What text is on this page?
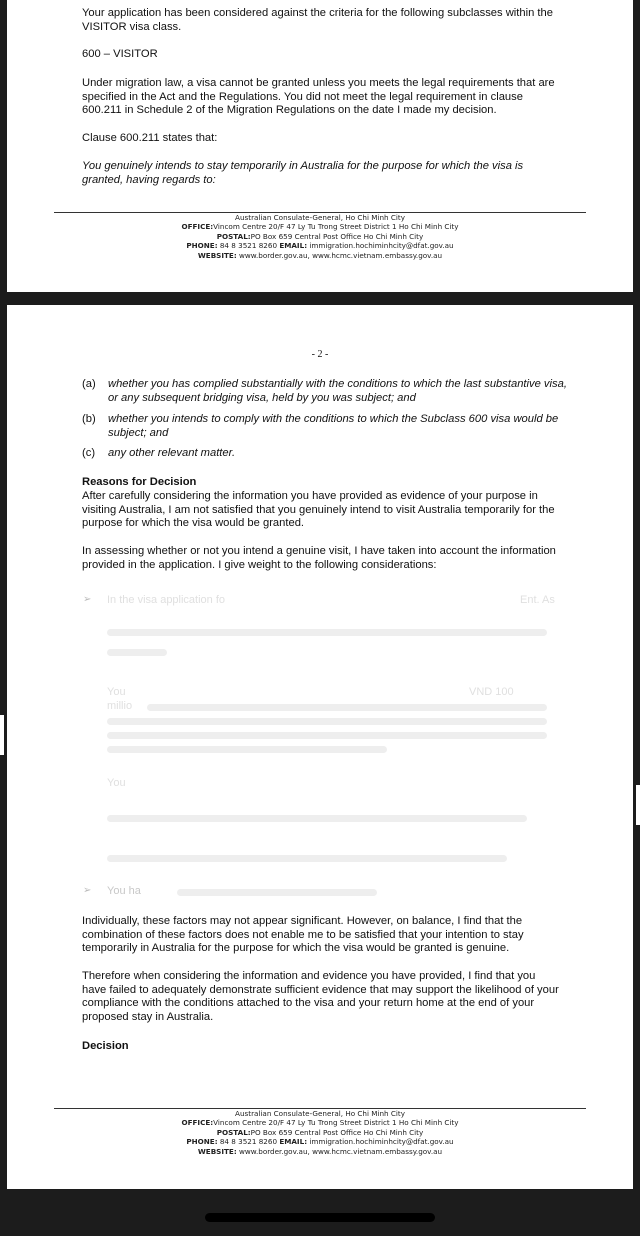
Your application has been considered against the criteria for the following subclasses within the VISITOR visa class.
600 – VISITOR
Under migration law, a visa cannot be granted unless you meets the legal requirements that are specified in the Act and the Regulations. You did not meet the legal requirement in clause 600.211 in Schedule 2 of the Migration Regulations on the date I made my decision.
Clause 600.211 states that:
You genuinely intends to stay temporarily in Australia for the purpose for which the visa is granted, having regards to:
Australian Consulate-General, Ho Chi Minh City
OFFICE:Vincom Centre 20/F 47 Ly Tu Trong Street District 1 Ho Chi Minh City
POSTAL:PO Box 659 Central Post Office Ho Chi Minh City
PHONE: 84 8 3521 8260 EMAIL: immigration.hochiminhcity@dfat.gov.au
WEBSITE: www.border.gov.au, www.hcmc.vietnam.embassy.gov.au
- 2 -
(a) whether you has complied substantially with the conditions to which the last substantive visa, or any subsequent bridging visa, held by you was subject; and
(b) whether you intends to comply with the conditions to which the Subclass 600 visa would be subject; and
(c) any other relevant matter.
Reasons for Decision
After carefully considering the information you have provided as evidence of your purpose in visiting Australia, I am not satisfied that you genuinely intend to visit Australia temporarily for the purpose for which the visa would be granted.
In assessing whether or not you intend a genuine visit, I have taken into account the information provided in the application. I give weight to the following considerations:
➢ In the visa application fo	Ent. As
You	VND 100
millio
You
➢ You ha
Individually, these factors may not appear significant. However, on balance, I find that the combination of these factors does not enable me to be satisfied that your intention to stay temporarily in Australia for the purpose for which the visa would be granted is genuine.
Therefore when considering the information and evidence you have provided, I find that you have failed to adequately demonstrate sufficient evidence that may support the likelihood of your compliance with the conditions attached to the visa and your return home at the end of your proposed stay in Australia.
Decision
Australian Consulate-General, Ho Chi Minh City
OFFICE:Vincom Centre 20/F 47 Ly Tu Trong Street District 1 Ho Chi Minh City
POSTAL:PO Box 659 Central Post Office Ho Chi Minh City
PHONE: 84 8 3521 8260 EMAIL: immigration.hochiminhcity@dfat.gov.au
WEBSITE: www.border.gov.au, www.hcmc.vietnam.embassy.gov.au
